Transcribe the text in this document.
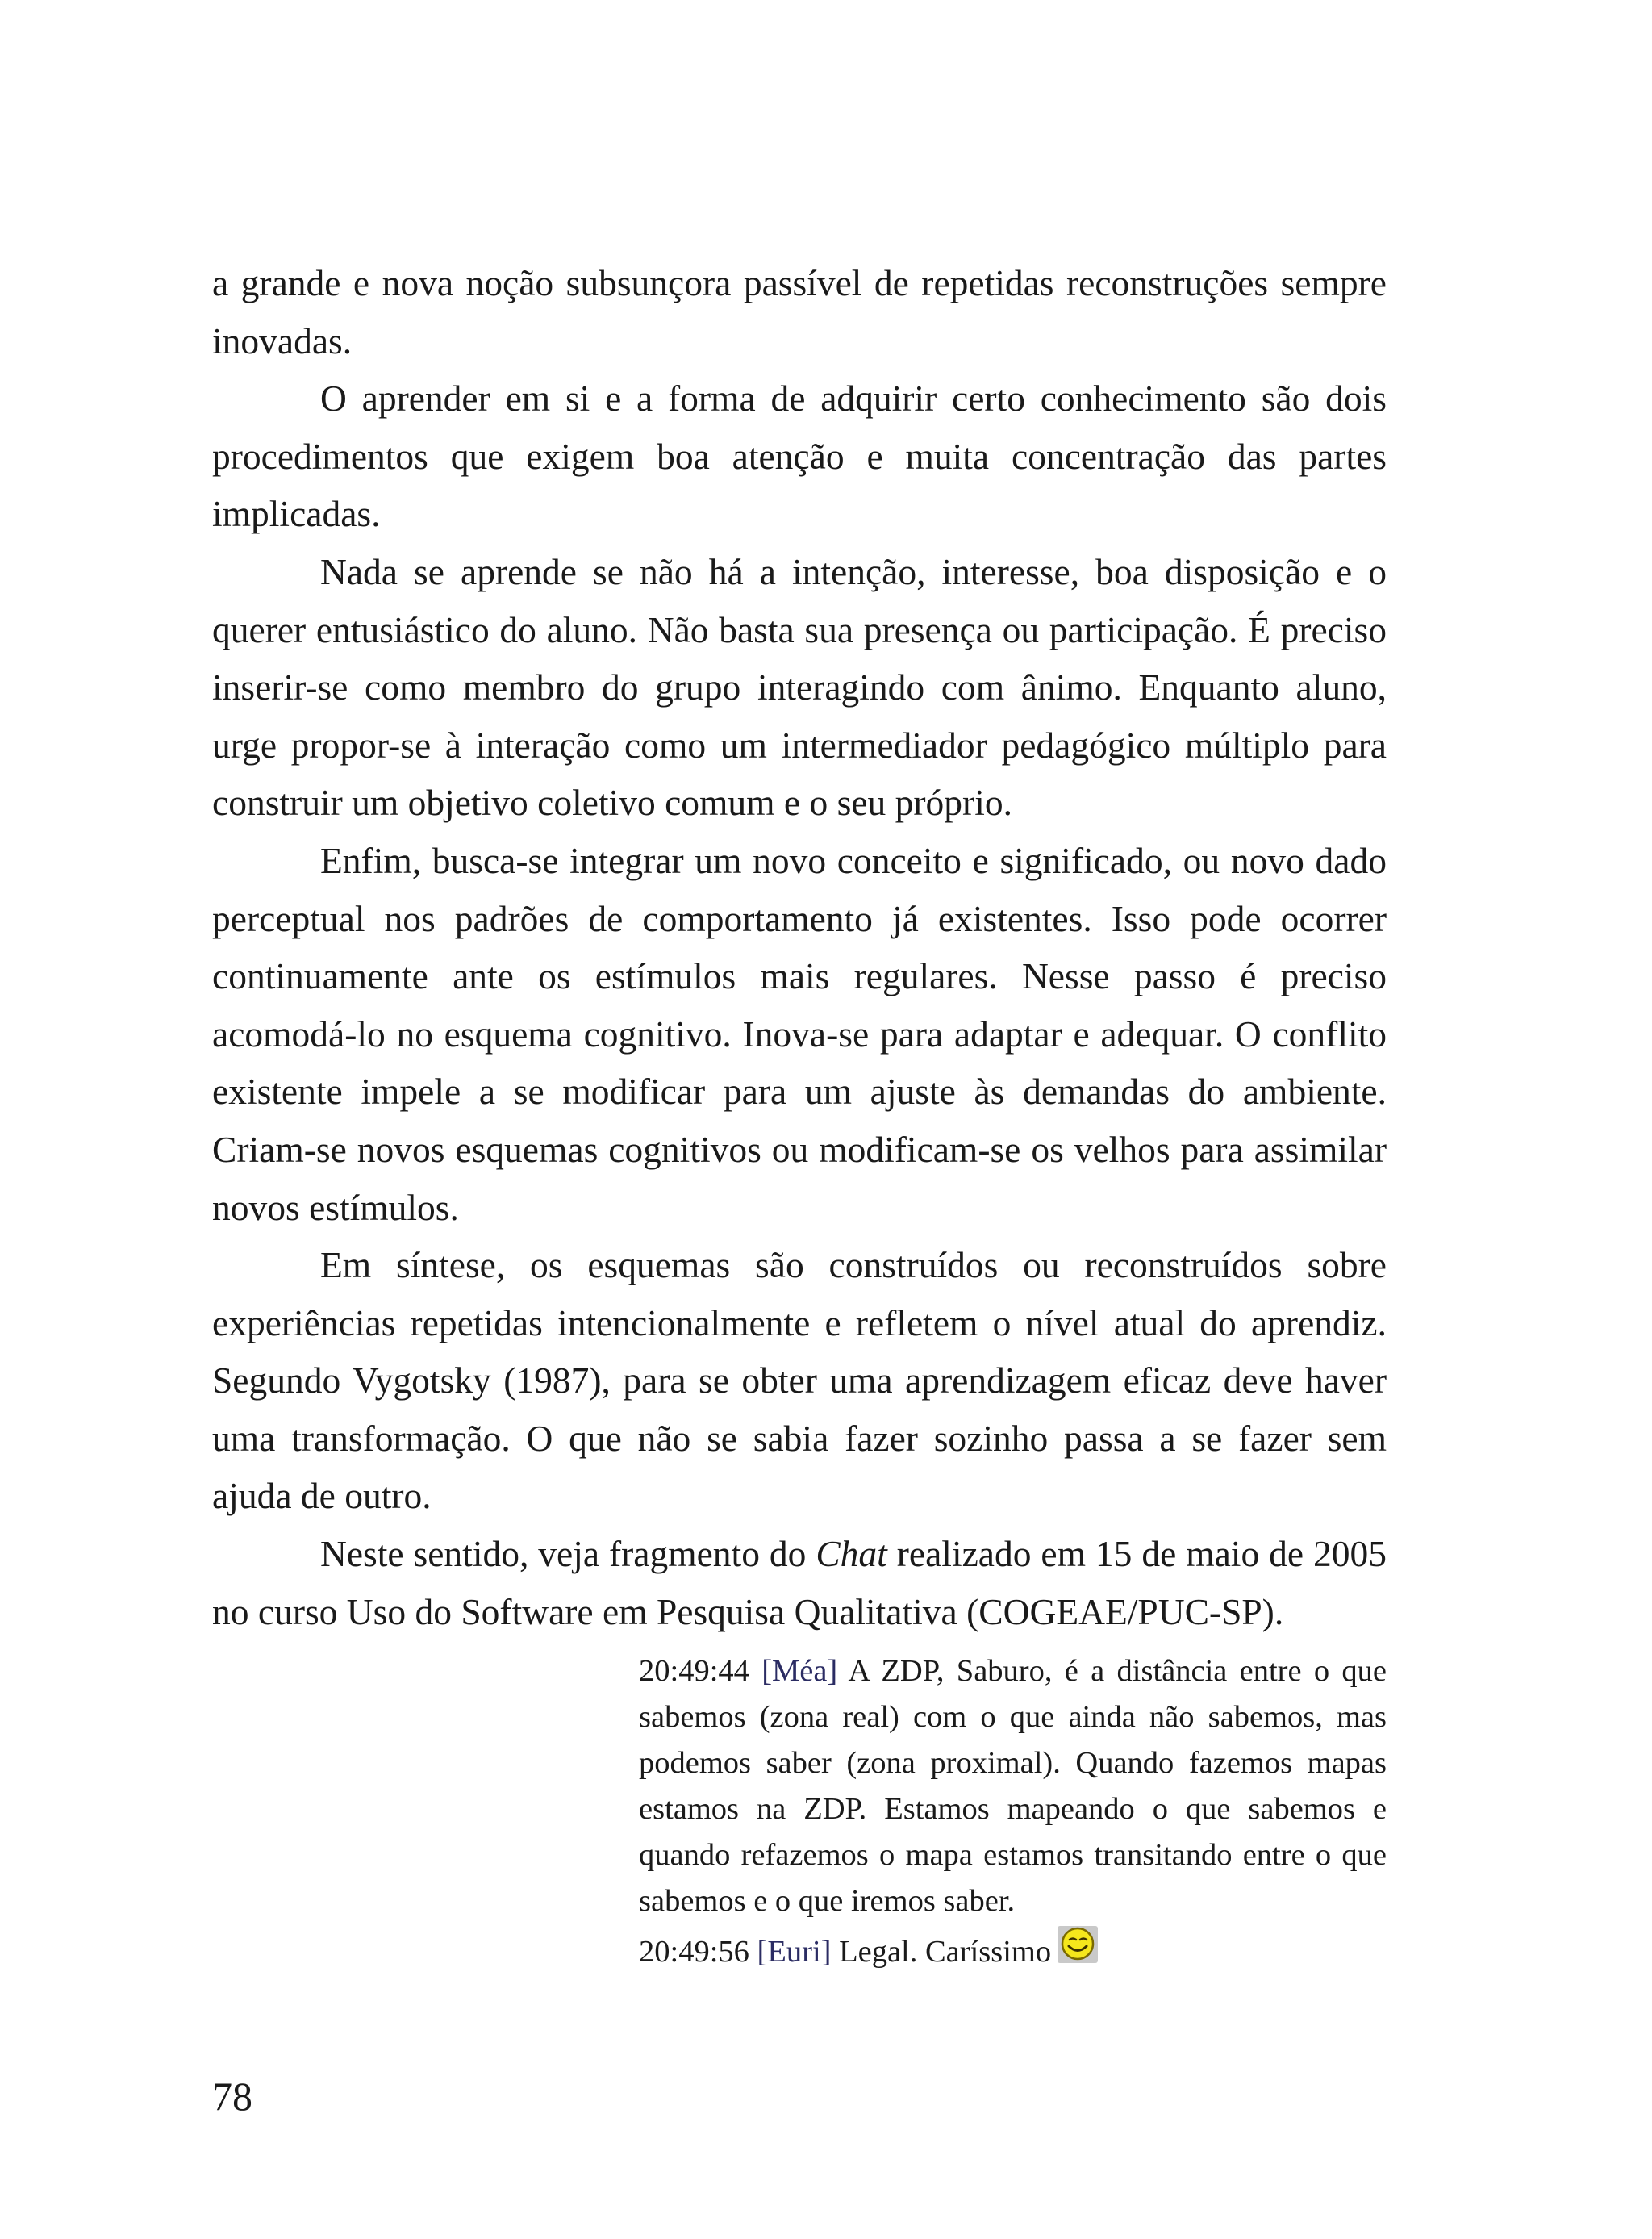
a grande e nova noção subsunçora passível de repetidas reconstruções sempre inovadas.

O aprender em si e a forma de adquirir certo conhecimento são dois procedimentos que exigem boa atenção e muita concentração das partes implicadas.

Nada se aprende se não há a intenção, interesse, boa disposição e o querer entusiástico do aluno. Não basta sua presença ou participação. É preciso inserir-se como membro do grupo interagindo com ânimo. Enquanto aluno, urge propor-se à interação como um intermediador pedagógico múltiplo para construir um objetivo coletivo comum e o seu próprio.

Enfim, busca-se integrar um novo conceito e significado, ou novo dado perceptual nos padrões de comportamento já existentes. Isso pode ocorrer continuamente ante os estímulos mais regulares. Nesse passo é preciso acomodá-lo no esquema cognitivo. Inova-se para adaptar e adequar. O conflito existente impele a se modificar para um ajuste às demandas do ambiente. Criam-se novos esquemas cognitivos ou modificam-se os velhos para assimilar novos estímulos.

Em síntese, os esquemas são construídos ou reconstruídos sobre experiências repetidas intencionalmente e refletem o nível atual do aprendiz. Segundo Vygotsky (1987), para se obter uma aprendizagem eficaz deve haver uma transformação. O que não se sabia fazer sozinho passa a se fazer sem ajuda de outro.

Neste sentido, veja fragmento do Chat realizado em 15 de maio de 2005 no curso Uso do Software em Pesquisa Qualitativa (COGEAE/PUC-SP).

20:49:44 [Méa] A ZDP, Saburo, é a distância entre o que sabemos (zona real) com o que ainda não sabemos, mas podemos saber (zona proximal). Quando fazemos mapas estamos na ZDP. Estamos mapeando o que sabemos e quando refazemos o mapa estamos transitando entre o que sabemos e o que iremos saber.

20:49:56 [Euri] Legal. Caríssimo

78
